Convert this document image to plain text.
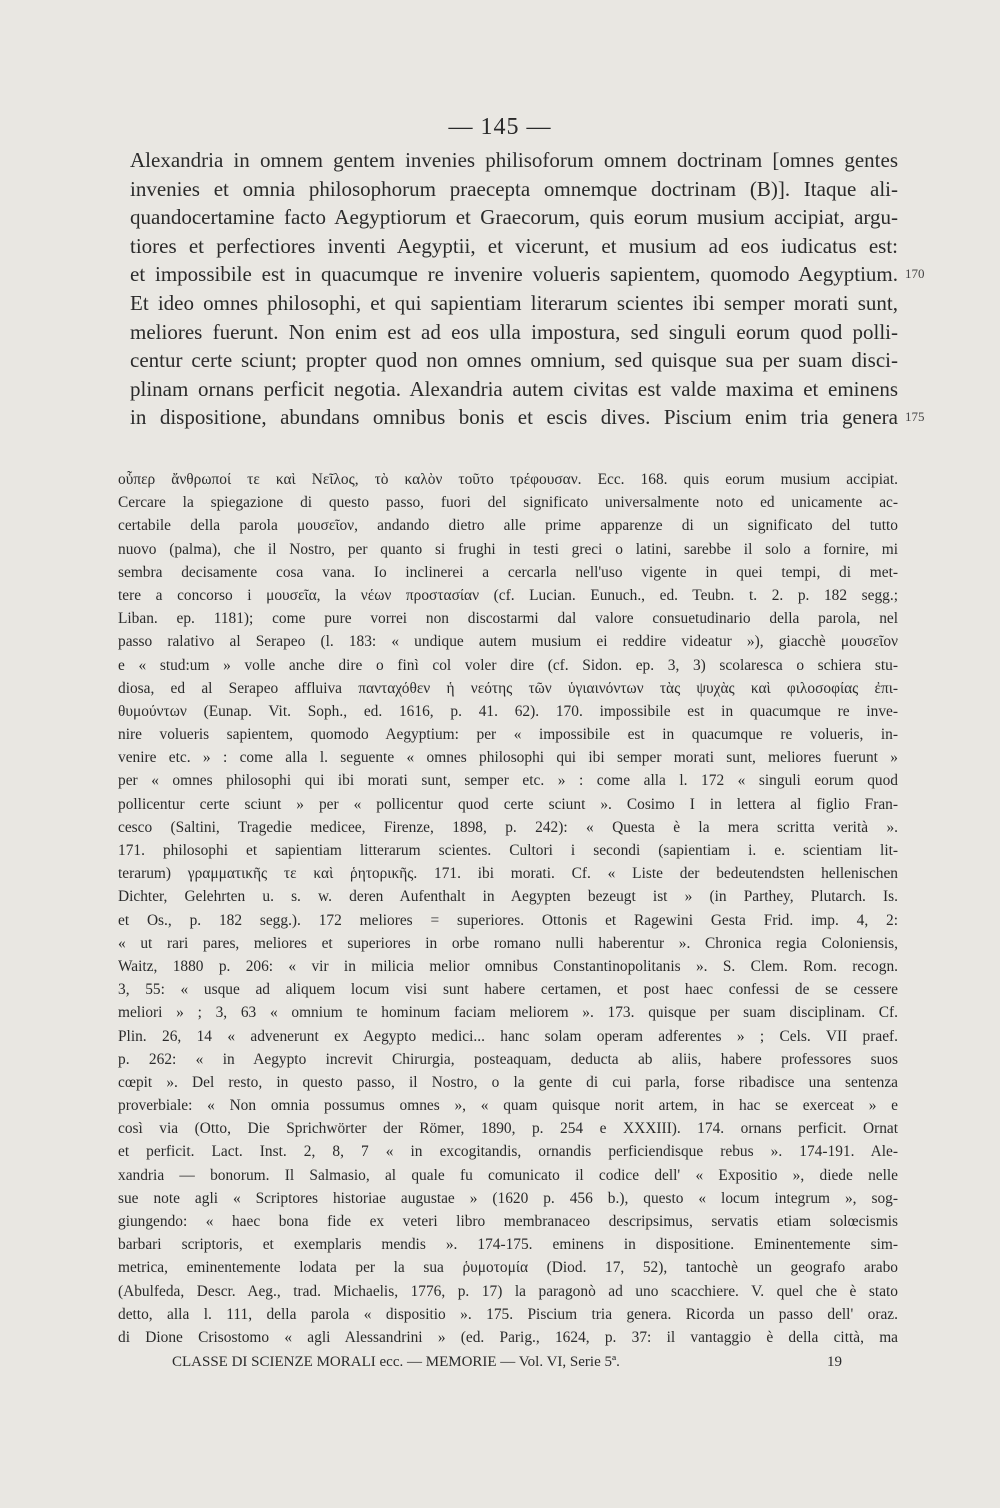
— 145 —
Alexandria in omnem gentem invenies philisoforum omnem doctrinam [omnes gentes
invenies et omnia philosophorum praecepta omnemque doctrinam (B)]. Itaque ali-
quandocertamine facto Aegyptiorum et Graecorum, quis eorum musium accipiat, argu-
tiores et perfectiores inventi Aegyptii, et vicerunt, et musium ad eos iudicatus est:
et impossibile est in quacumque re invenire volueris sapientem, quomodo Aegyptium. 170
Et ideo omnes philosophi, et qui sapientiam literarum scientes ibi semper morati sunt,
meliores fuerunt. Non enim est ad eos ulla impostura, sed singuli eorum quod polli-
centur certe sciunt; propter quod non omnes omnium, sed quisque sua per suam disci-
plinam ornans perficit negotia. Alexandria autem civitas est valde maxima et eminens
in dispositione, abundans omnibus bonis et escis dives. Piscium enim tria genera 175
οὗπερ ἄνθρωποί τε καὶ Νεῖλος, τὸ καλὸν τοῦτο τρέφουσαν. Ecc. 168. quis eorum musium accipiat.
Cercare la spiegazione di questo passo, fuori del significato universalmente noto ed unicamente ac-
certabile della parola μουσεῖον, andando dietro alle prime apparenze di un significato del tutto
nuovo (palma), che il Nostro, per quanto si frughi in testi greci o latini, sarebbe il solo a fornire, mi
sembra decisamente cosa vana. Io inclinerei a cercarla nell'uso vigente in quei tempi, di met-
tere a concorso i μουσεῖα, la νέων προστασίαν (cf. Lucian. Eunuch., ed. Teubn. t. 2. p. 182 segg.;
Liban. ep. 1181); come pure vorrei non discostarmi dal valore consuetudinario della parola, nel
passo ralativo al Serapeo (l. 183: « undique autem musium ei reddire videatur »), giacchè μουσεῖον
e « stud:um » volle anche dire o finì col voler dire (cf. Sidon. ep. 3, 3) scolaresca o schiera stu-
diosa, ed al Serapeo affluiva πανταχόθεν ἡ νεότης τῶν ὑγιαινόντων τὰς ψυχὰς καὶ φιλοσοφίας ἐπι-
θυμούντων (Eunap. Vit. Soph., ed. 1616, p. 41. 62). 170. impossibile est in quacumque re inve-
nire volueris sapientem, quomodo Aegyptium: per « impossibile est in quacumque re volueris, in-
venire etc. » : come alla l. seguente « omnes philosophi qui ibi semper morati sunt, meliores fuerunt »
per « omnes philosophi qui ibi morati sunt, semper etc. » : come alla l. 172 « singuli eorum quod
pollicentur certe sciunt » per « pollicentur quod certe sciunt ». Cosimo I in lettera al figlio Fran-
cesco (Saltini, Tragedie medicee, Firenze, 1898, p. 242): « Questa è la mera scritta verità ».
171. philosophi et sapientiam litterarum scientes. Cultori i secondi (sapientiam i. e. scientiam lit-
terarum) γραμματικῆς τε καὶ ῥητορικῆς. 171. ibi morati. Cf. « Liste der bedeutendsten hellenischen
Dichter, Gelehrten u. s. w. deren Aufenthalt in Aegypten bezeugt ist » (in Parthey, Plutarch. Is.
et Os., p. 182 segg.). 172 meliores = superiores. Ottonis et Ragewini Gesta Frid. imp. 4, 2:
« ut rari pares, meliores et superiores in orbe romano nulli haberentur ». Chronica regia Coloniensis,
Waitz, 1880 p. 206: « vir in milicia melior omnibus Constantinopolitanis ». S. Clem. Rom. recogn.
3, 55: « usque ad aliquem locum visi sunt habere certamen, et post haec confessi de se cessere
meliori » ; 3, 63 « omnium te hominum faciam meliorem ». 173. quisque per suam disciplinam. Cf.
Plin. 26, 14 « advenerunt ex Aegypto medici... hanc solam operam adferentes » ; Cels. VII praef.
p. 262: « in Aegypto increvit Chirurgia, posteaquam, deducta ab aliis, habere professores suos
cœpit ». Del resto, in questo passo, il Nostro, o la gente di cui parla, forse ribadisce una sentenza
proverbiale: « Non omnia possumus omnes », « quam quisque norit artem, in hac se exerceat » e
così via (Otto, Die Sprichwörter der Römer, 1890, p. 254 e XXXIII). 174. ornans perficit. Ornat
et perficit. Lact. Inst. 2, 8, 7 « in excogitandis, ornandis perficiendisque rebus ». 174-191. Ale-
xandria — bonorum. Il Salmasio, al quale fu comunicato il codice dell' « Expositio », diede nelle
sue note agli « Scriptores historiae augustae » (1620 p. 456 b.), questo « locum integrum », sog-
giungendo: « haec bona fide ex veteri libro membranaceo descripsimus, servatis etiam solœcismis
barbari scriptoris, et exemplaris mendis ». 174-175. eminens in dispositione. Eminentemente sim-
metrica, eminentemente lodata per la sua ῥυμοτομία (Diod. 17, 52), tantochè un geografo arabo
(Abulfeda, Descr. Aeg., trad. Michaelis, 1776, p. 17) la paragonò ad uno scacchiere. V. quel che è stato
detto, alla l. 111, della parola « dispositio ». 175. Piscium tria genera. Ricorda un passo dell' oraz.
di Dione Crisostomo « agli Alessandrini » (ed. Parig., 1624, p. 37: il vantaggio è della città, ma
CLASSE DI SCIENZE MORALI ecc. — MEMORIE — Vol. VI, Serie 5ª.	19
